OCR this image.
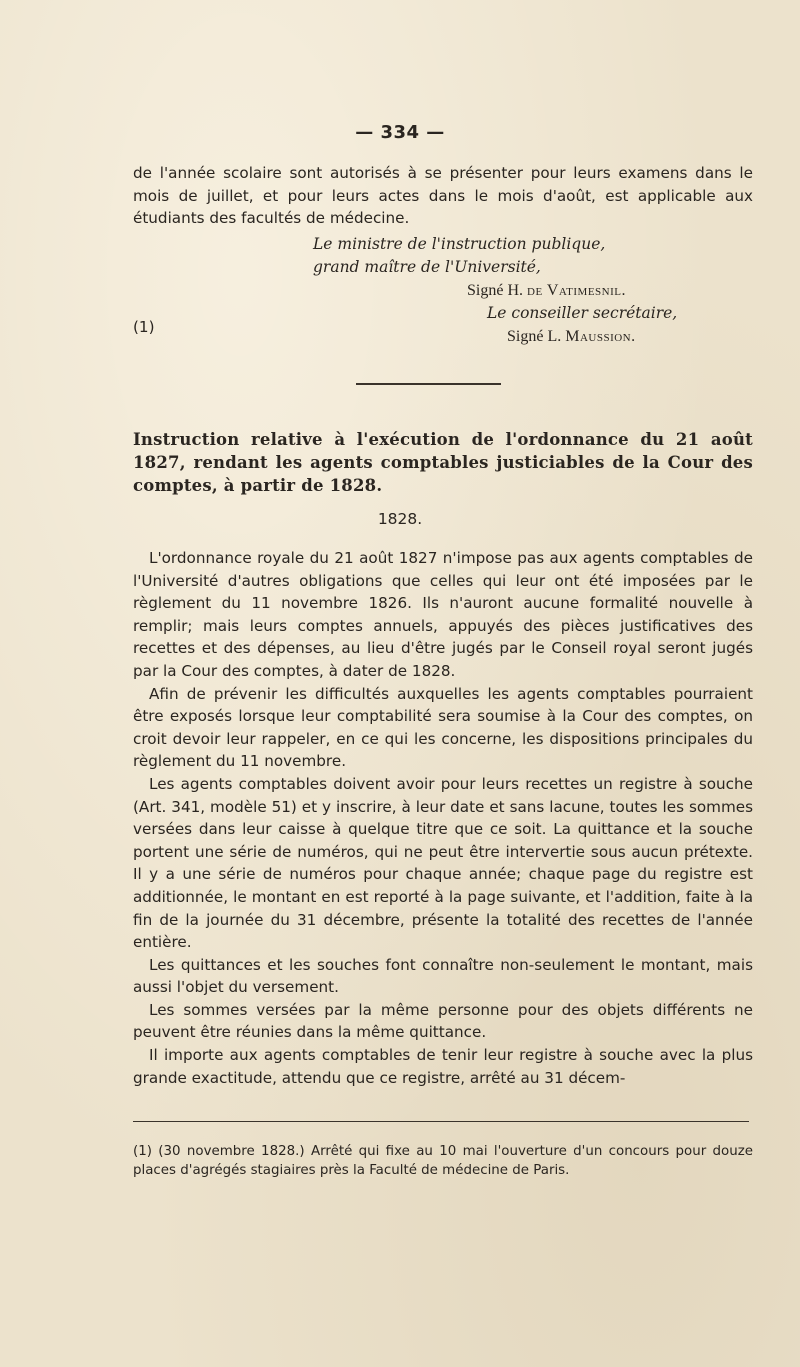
— 334 —
de l'année scolaire sont autorisés à se présenter pour leurs examens dans le mois de juillet, et pour leurs actes dans le mois d'août, est applicable aux étudiants des facultés de médecine.
Le ministre de l'instruction publique,
grand maître de l'Université,
Signé H. de Vatimesnil.
Le conseiller secrétaire,
Signé L. Maussion.
(1)
Instruction relative à l'exécution de l'ordonnance du 21 août 1827, rendant les agents comptables justiciables de la Cour des comptes, à partir de 1828.
1828.

L'ordonnance royale du 21 août 1827 n'impose pas aux agents comptables de l'Université d'autres obligations que celles qui leur ont été imposées par le règlement du 11 novembre 1826. Ils n'auront aucune formalité nouvelle à remplir; mais leurs comptes annuels, appuyés des pièces justificatives des recettes et des dépenses, au lieu d'être jugés par le Conseil royal seront jugés par la Cour des comptes, à dater de 1828.

Afin de prévenir les difficultés auxquelles les agents comptables pourraient être exposés lorsque leur comptabilité sera soumise à la Cour des comptes, on croit devoir leur rappeler, en ce qui les concerne, les dispositions principales du règlement du 11 novembre.

Les agents comptables doivent avoir pour leurs recettes un registre à souche (Art. 341, modèle 51) et y inscrire, à leur date et sans lacune, toutes les sommes versées dans leur caisse à quelque titre que ce soit. La quittance et la souche portent une série de numéros, qui ne peut être intervertie sous aucun prétexte. Il y a une série de numéros pour chaque année; chaque page du registre est additionnée, le montant en est reporté à la page suivante, et l'addition, faite à la fin de la journée du 31 décembre, présente la totalité des recettes de l'année entière.

Les quittances et les souches font connaître non-seulement le montant, mais aussi l'objet du versement.

Les sommes versées par la même personne pour des objets différents ne peuvent être réunies dans la même quittance.

Il importe aux agents comptables de tenir leur registre à souche avec la plus grande exactitude, attendu que ce registre, arrêté au 31 décem-

(1) (30 novembre 1828.) Arrêté qui fixe au 10 mai l'ouverture d'un concours pour douze places d'agrégés stagiaires près la Faculté de médecine de Paris.
